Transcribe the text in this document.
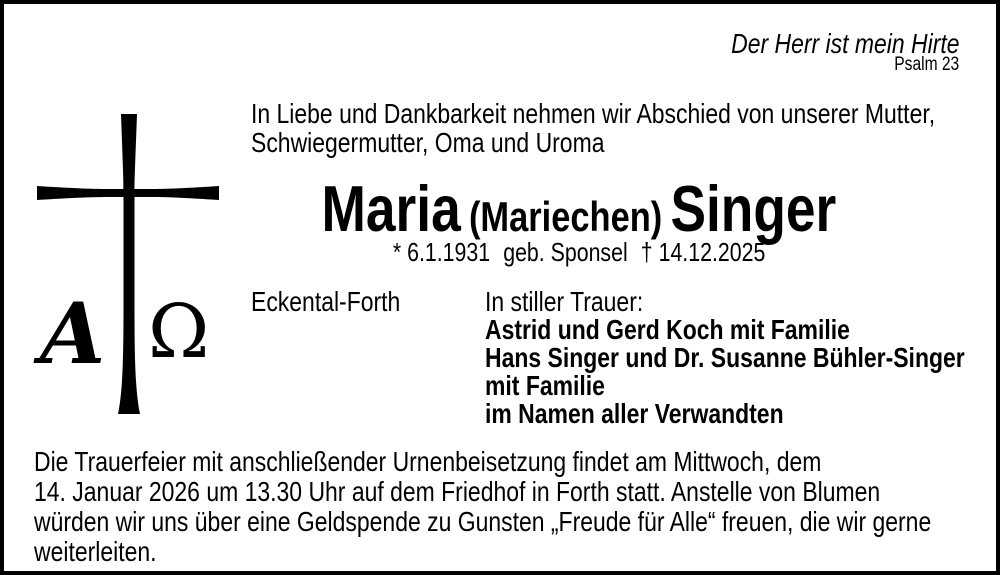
Der Herr ist mein Hirte
Psalm 23
Α Ω
In Liebe und Dankbarkeit nehmen wir Abschied von unserer Mutter,
Schwiegermutter, Oma und Uroma
Maria (Mariechen) Singer
* 6.1.1931 geb. Sponsel † 14.12.2025
Eckental-Forth	In stiller Trauer:
Astrid und Gerd Koch mit Familie
Hans Singer und Dr. Susanne Bühler-Singer
mit Familie
im Namen aller Verwandten
Die Trauerfeier mit anschließender Urnenbeisetzung findet am Mittwoch, dem
14. Januar 2026 um 13.30 Uhr auf dem Friedhof in Forth statt. Anstelle von Blumen
würden wir uns über eine Geldspende zu Gunsten „Freude für Alle“ freuen, die wir gerne
weiterleiten.
